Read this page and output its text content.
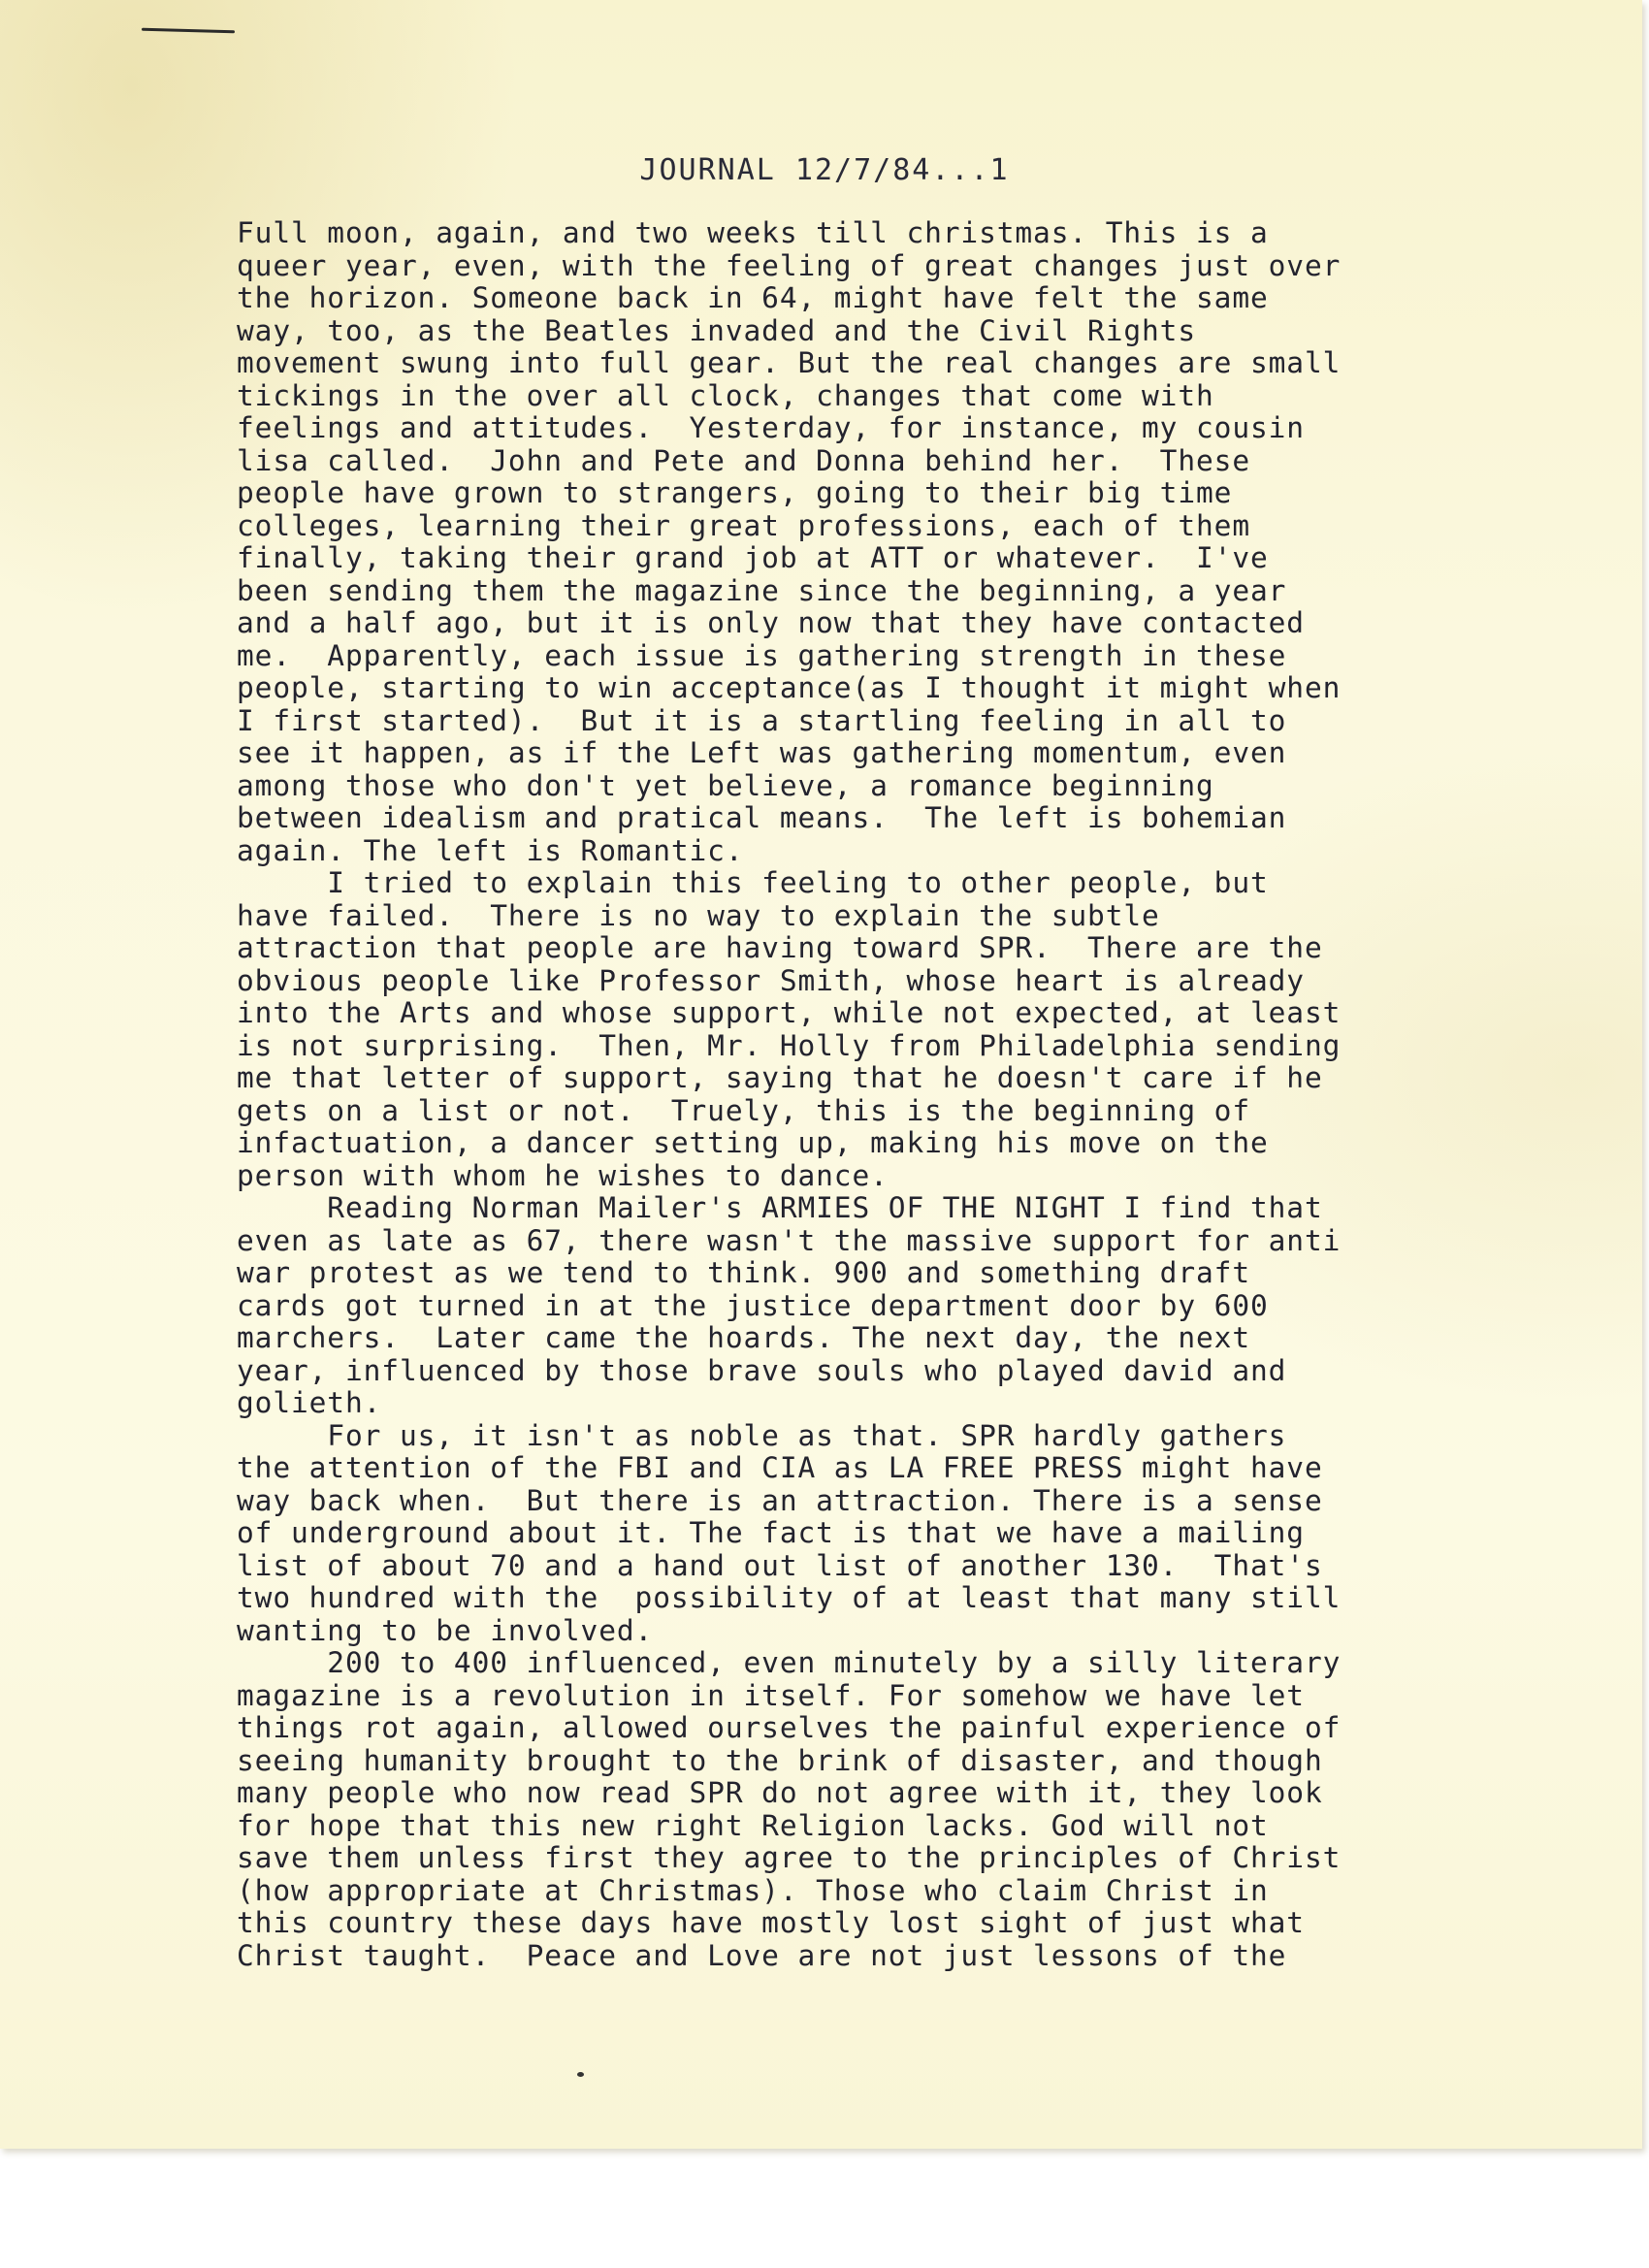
JOURNAL 12/7/84...1
Full moon, again, and two weeks till christmas. This is a
queer year, even, with the feeling of great changes just over
the horizon. Someone back in 64, might have felt the same
way, too, as the Beatles invaded and the Civil Rights
movement swung into full gear. But the real changes are small
tickings in the over all clock, changes that come with
feelings and attitudes.  Yesterday, for instance, my cousin
lisa called.  John and Pete and Donna behind her.  These
people have grown to strangers, going to their big time
colleges, learning their great professions, each of them
finally, taking their grand job at ATT or whatever.  I've
been sending them the magazine since the beginning, a year
and a half ago, but it is only now that they have contacted
me.  Apparently, each issue is gathering strength in these
people, starting to win acceptance(as I thought it might when
I first started).  But it is a startling feeling in all to
see it happen, as if the Left was gathering momentum, even
among those who don't yet believe, a romance beginning
between idealism and pratical means.  The left is bohemian
again. The left is Romantic.
I tried to explain this feeling to other people, but
have failed.  There is no way to explain the subtle
attraction that people are having toward SPR.  There are the
obvious people like Professor Smith, whose heart is already
into the Arts and whose support, while not expected, at least
is not surprising.  Then, Mr. Holly from Philadelphia sending
me that letter of support, saying that he doesn't care if he
gets on a list or not.  Truely, this is the beginning of
infactuation, a dancer setting up, making his move on the
person with whom he wishes to dance.
Reading Norman Mailer's ARMIES OF THE NIGHT I find that
even as late as 67, there wasn't the massive support for anti
war protest as we tend to think. 900 and something draft
cards got turned in at the justice department door by 600
marchers.  Later came the hoards. The next day, the next
year, influenced by those brave souls who played david and
golieth.
For us, it isn't as noble as that. SPR hardly gathers
the attention of the FBI and CIA as LA FREE PRESS might have
way back when.  But there is an attraction. There is a sense
of underground about it. The fact is that we have a mailing
list of about 70 and a hand out list of another 130.  That's
two hundred with the  possibility of at least that many still
wanting to be involved.
200 to 400 influenced, even minutely by a silly literary
magazine is a revolution in itself. For somehow we have let
things rot again, allowed ourselves the painful experience of
seeing humanity brought to the brink of disaster, and though
many people who now read SPR do not agree with it, they look
for hope that this new right Religion lacks. God will not
save them unless first they agree to the principles of Christ
(how appropriate at Christmas). Those who claim Christ in
this country these days have mostly lost sight of just what
Christ taught.  Peace and Love are not just lessons of the
